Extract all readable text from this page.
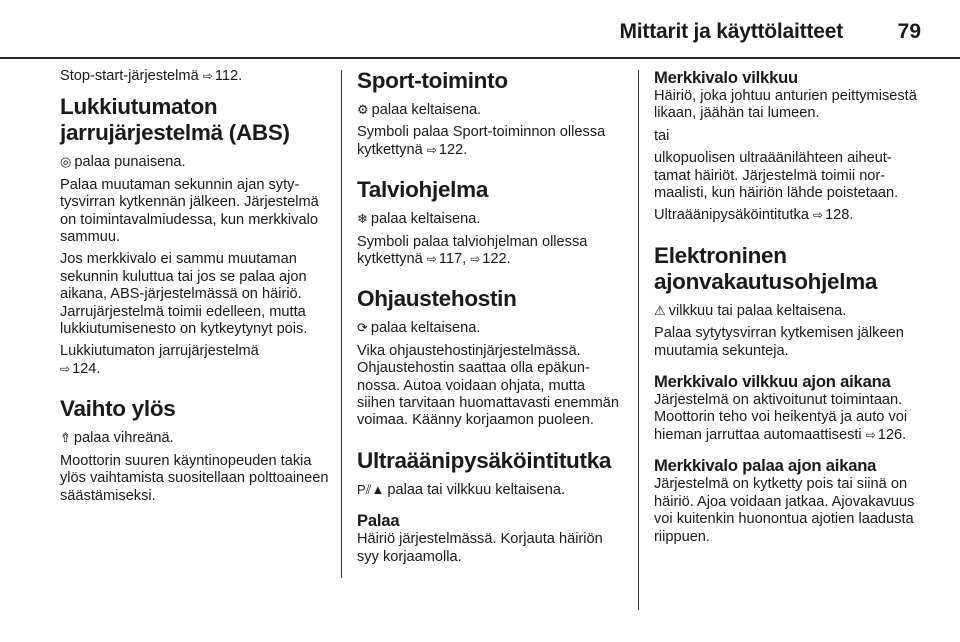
Mittarit ja käyttölaitteet	79

Stop-start-järjestelmä ⇨ 112.

Lukkiutumaton jarrujärjestelmä (ABS)

◎ palaa punaisena.

Palaa muutaman sekunnin ajan sytytysvirran kytkennän jälkeen. Järjestelmä on toimintavalmiudessa, kun merkkivalo sammuu.

Jos merkkivalo ei sammu muutaman sekunnin kuluttua tai jos se palaa ajon aikana, ABS-järjestelmässä on häiriö. Jarrujärjestelmä toimii edelleen, mutta lukkiutumisenesto on kytkeytynyt pois.

Lukkiutumaton jarrujärjestelmä
⇨ 124.

Vaihto ylös

⇮ palaa vihreänä.

Moottorin suuren käyntinopeuden takia ylös vaihtamista suositellaan polttoaineen säästämiseksi.

Sport-toiminto

⚙ palaa keltaisena.

Symboli palaa Sport-toiminnon ollessa kytkettynä ⇨ 122.

Talviohjelma

❄ palaa keltaisena.

Symboli palaa talviohjelman ollessa kytkettynä ⇨ 117, ⇨ 122.

Ohjaustehostin

⟳ palaa keltaisena.

Vika ohjaustehostinjärjestelmässä. Ohjaustehostin saattaa olla epäkunnossa. Autoa voidaan ohjata, mutta siihen tarvitaan huomattavasti enemmän voimaa. Käänny korjaamon puoleen.

Ultraäänipysäköintitutka

P⫽▲ palaa tai vilkkuu keltaisena.

Palaa

Häiriö järjestelmässä. Korjauta häiriön syy korjaamolla.

Merkkivalo vilkkuu

Häiriö, joka johtuu anturien peittymisestä likaan, jäähän tai lumeen.

tai

ulkopuolisen ultraäänilähteen aiheuttamat häiriöt. Järjestelmä toimii normaalisti, kun häiriön lähde poistetaan.

Ultraäänipysäköintitutka ⇨ 128.

Elektroninen ajonvakautusohjelma

⚠ vilkkuu tai palaa keltaisena.

Palaa sytytysvirran kytkemisen jälkeen muutamia sekunteja.

Merkkivalo vilkkuu ajon aikana

Järjestelmä on aktivoitunut toimintaan. Moottorin teho voi heikentyä ja auto voi hieman jarruttaa automaattisesti ⇨ 126.

Merkkivalo palaa ajon aikana

Järjestelmä on kytketty pois tai siinä on häiriö. Ajoa voidaan jatkaa. Ajovakavuus voi kuitenkin huonontua ajotien laadusta riippuen.
